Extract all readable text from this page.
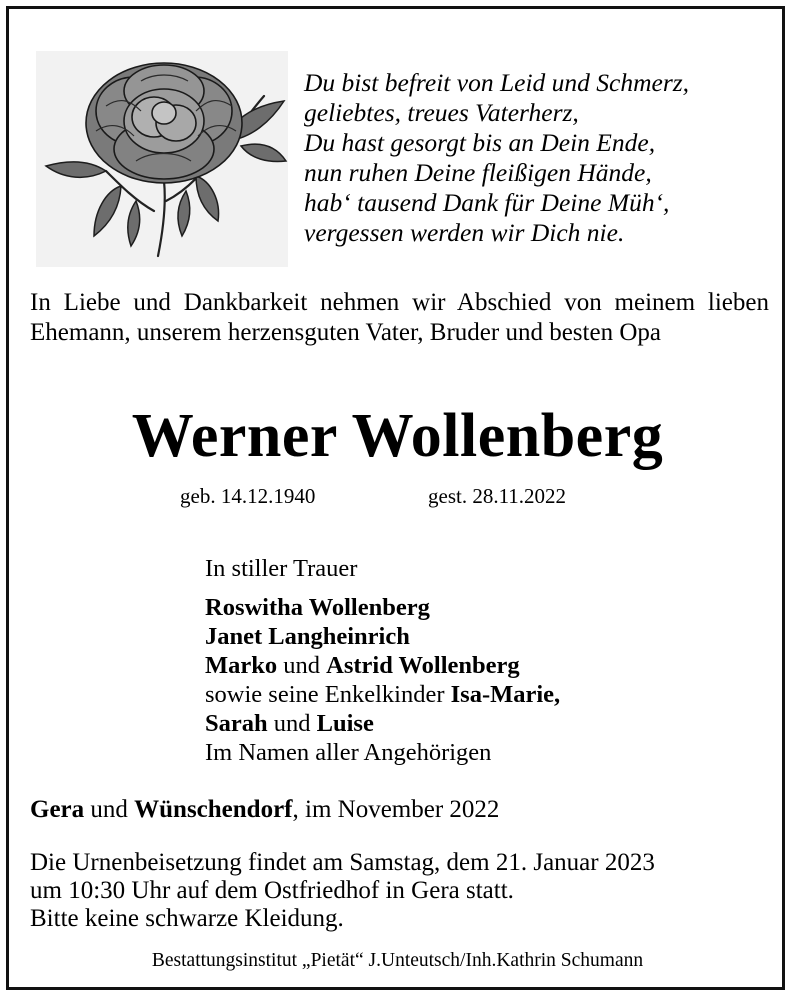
Du bist befreit von Leid und Schmerz,
geliebtes, treues Vaterherz,
Du hast gesorgt bis an Dein Ende,
nun ruhen Deine fleißigen Hände,
hab‘ tausend Dank für Deine Müh‘,
vergessen werden wir Dich nie.
In Liebe und Dankbarkeit nehmen wir Abschied von meinem lieben Ehemann, unserem herzensguten Vater, Bruder und besten Opa
Werner Wollenberg
geb. 14.12.1940	gest. 28.11.2022
In stiller Trauer
Roswitha Wollenberg
Janet Langheinrich
Marko und Astrid Wollenberg
sowie seine Enkelkinder Isa-Marie,
Sarah und Luise
Im Namen aller Angehörigen
Gera und Wünschendorf, im November 2022
Die Urnenbeisetzung findet am Samstag, dem 21. Januar 2023
um 10:30 Uhr auf dem Ostfriedhof in Gera statt.
Bitte keine schwarze Kleidung.
Bestattungsinstitut „Pietät“ J.Unteutsch/Inh.Kathrin Schumann
